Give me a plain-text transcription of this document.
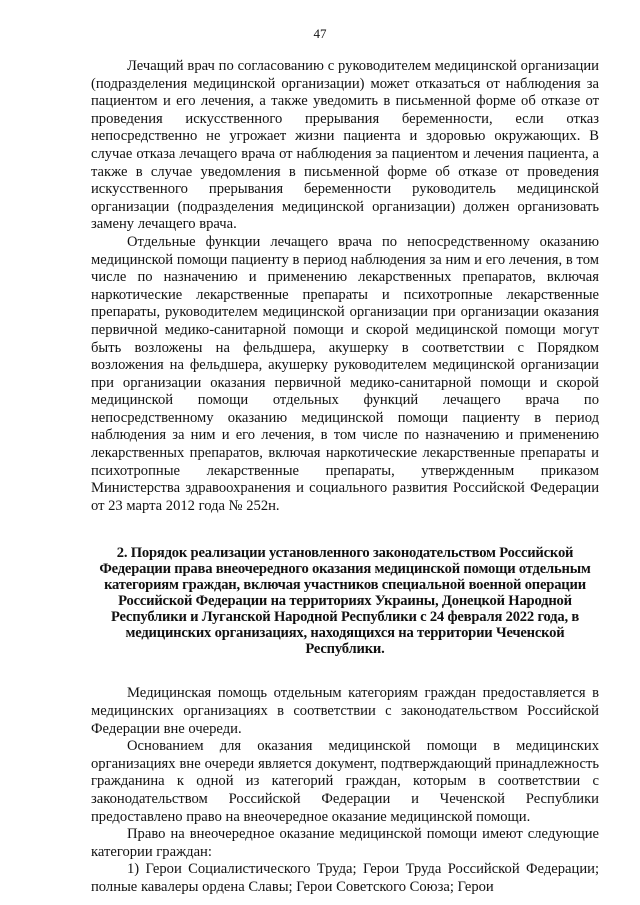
47

Лечащий врач по согласованию с руководителем медицинской организации (подразделения медицинской организации) может отказаться от наблюдения за пациентом и его лечения, а также уведомить в письменной форме об отказе от проведения искусственного прерывания беременности, если отказ непосредственно не угрожает жизни пациента и здоровью окружающих. В случае отказа лечащего врача от наблюдения за пациентом и лечения пациента, а также в случае уведомления в письменной форме об отказе от проведения искусственного прерывания беременности руководитель медицинской организации (подразделения медицинской организации) должен организовать замену лечащего врача.

Отдельные функции лечащего врача по непосредственному оказанию медицинской помощи пациенту в период наблюдения за ним и его лечения, в том числе по назначению и применению лекарственных препаратов, включая наркотические лекарственные препараты и психотропные лекарственные препараты, руководителем медицинской организации при организации оказания первичной медико-санитарной помощи и скорой медицинской помощи могут быть возложены на фельдшера, акушерку в соответствии с Порядком возложения на фельдшера, акушерку руководителем медицинской организации при организации оказания первичной медико-санитарной помощи и скорой медицинской помощи отдельных функций лечащего врача по непосредственному оказанию медицинской помощи пациенту в период наблюдения за ним и его лечения, в том числе по назначению и применению лекарственных препаратов, включая наркотические лекарственные препараты и психотропные лекарственные препараты, утвержденным приказом Министерства здравоохранения и социального развития Российской Федерации от 23 марта 2012 года № 252н.

2. Порядок реализации установленного законодательством Российской Федерации права внеочередного оказания медицинской помощи отдельным категориям граждан, включая участников специальной военной операции Российской Федерации на территориях Украины, Донецкой Народной Республики и Луганской Народной Республики с 24 февраля 2022 года, в медицинских организациях, находящихся на территории Чеченской Республики.

Медицинская помощь отдельным категориям граждан предоставляется в медицинских организациях в соответствии с законодательством Российской Федерации вне очереди.

Основанием для оказания медицинской помощи в медицинских организациях вне очереди является документ, подтверждающий принадлежность гражданина к одной из категорий граждан, которым в соответствии с законодательством Российской Федерации и Чеченской Республики предоставлено право на внеочередное оказание медицинской помощи.

Право на внеочередное оказание медицинской помощи имеют следующие категории граждан:

1) Герои Социалистического Труда; Герои Труда Российской Федерации; полные кавалеры ордена Славы; Герои Советского Союза; Герои
